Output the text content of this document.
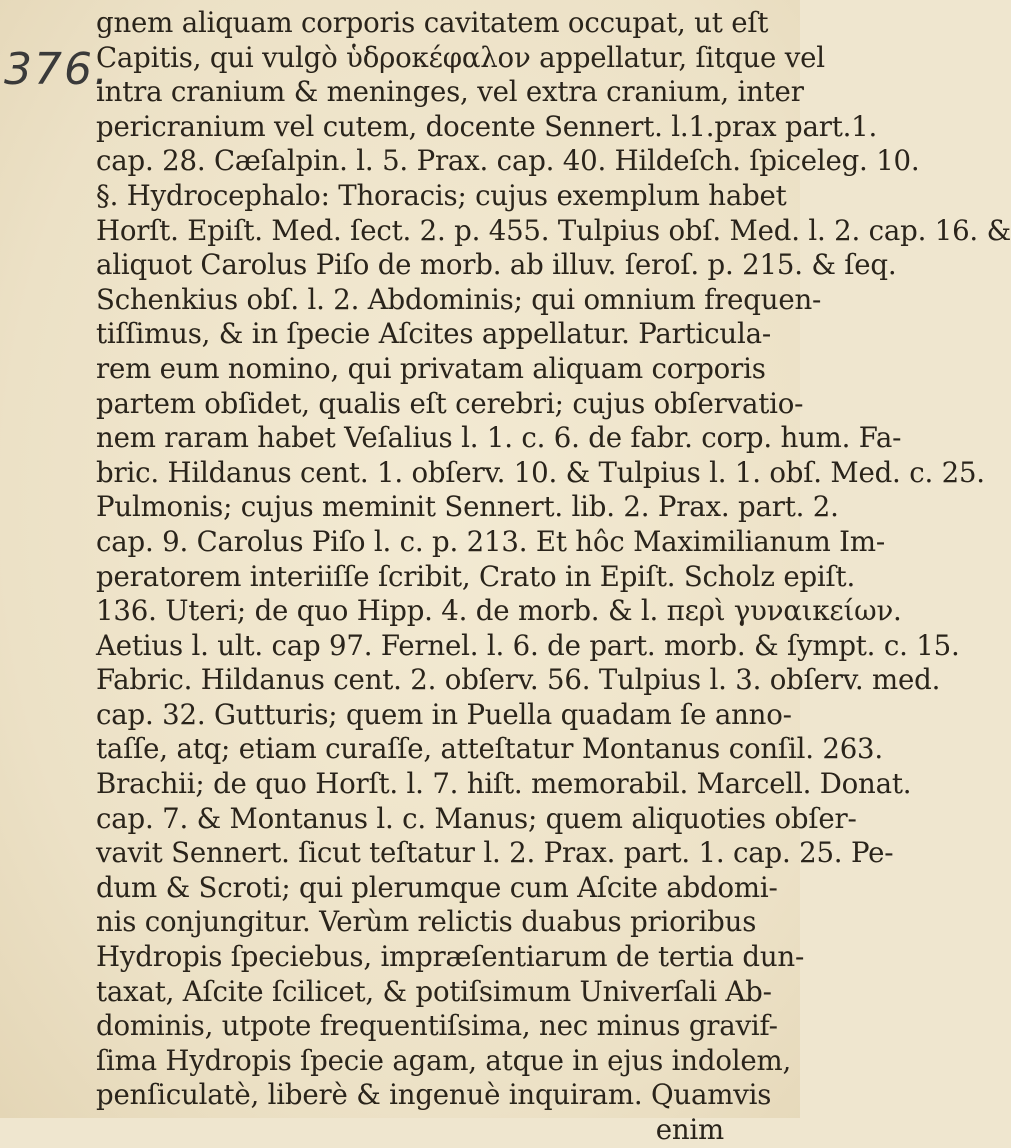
376.
gnem aliquam corporis cavitatem occupat, ut eſt
Capitis, qui vulgò ὑδροκέφαλον appellatur, ſitque vel
intra cranium & meninges, vel extra cranium, inter
pericranium vel cutem, docente Sennert. l.1.prax part.1.
cap. 28. Cæſalpin. l. 5. Prax. cap. 40. Hildeſch. ſpiceleg. 10.
§. Hydrocephalo: Thoracis; cujus exemplum habet
Horſt. Epiſt. Med. ſect. 2. p. 455. Tulpius obſ. Med. l. 2. cap. 16. &
aliquot Carolus Piſo de morb. ab illuv. ſeroſ. p. 215. & ſeq.
Schenkius obſ. l. 2. Abdominis; qui omnium frequen-
tiſſimus, & in ſpecie Aſcites appellatur. Particula-
rem eum nomino, qui privatam aliquam corporis
partem obſidet, qualis eſt cerebri; cujus obſervatio-
nem raram habet Veſalius l. 1. c. 6. de fabr. corp. hum. Fa-
bric. Hildanus cent. 1. obſerv. 10. & Tulpius l. 1. obſ. Med. c. 25.
Pulmonis; cujus meminit Sennert. lib. 2. Prax. part. 2.
cap. 9. Carolus Piſo l. c. p. 213. Et hôc Maximilianum Im-
peratorem interiiſſe ſcribit, Crato in Epiſt. Scholz epiſt.
136. Uteri; de quo Hipp. 4. de morb. & l. περὶ γυναικείων.
Aetius l. ult. cap 97. Fernel. l. 6. de part. morb. & ſympt. c. 15.
Fabric. Hildanus cent. 2. obſerv. 56. Tulpius l. 3. obſerv. med.
cap. 32. Gutturis; quem in Puella quadam ſe anno-
taſſe, atq; etiam curaſſe, atteſtatur Montanus conſil. 263.
Brachii; de quo Horſt. l. 7. hiſt. memorabil. Marcell. Donat.
cap. 7. & Montanus l. c. Manus; quem aliquoties obſer-
vavit Sennert. ſicut teſtatur l. 2. Prax. part. 1. cap. 25. Pe-
dum & Scroti; qui plerumque cum Aſcite abdomi-
nis conjungitur. Verùm relictis duabus prioribus
Hydropis ſpeciebus, impræſentiarum de tertia dun-
taxat, Aſcite ſcilicet, & potiſsimum Univerſali Ab-
dominis, utpote frequentiſsima, nec minus gravif-
ſima Hydropis ſpecie agam, atque in ejus indolem,
penſiculatè, liberè & ingenuè inquiram. Quamvis
enim
